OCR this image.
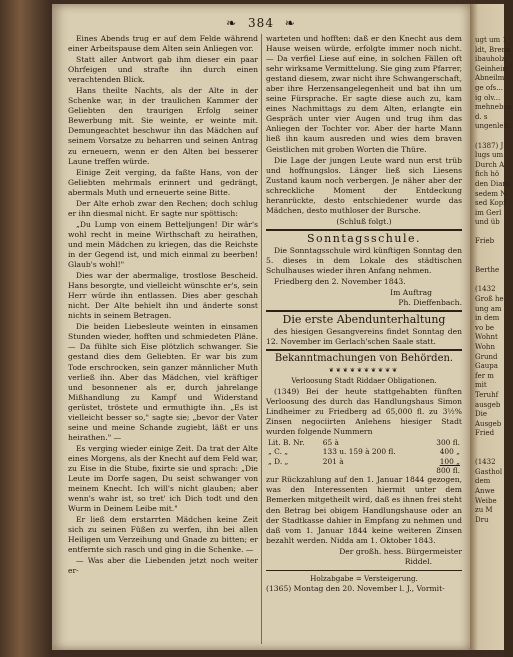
❧ 384 ❧

Eines Abends trug er auf dem Felde während einer Arbeitspause dem Alten sein Anliegen vor.

Statt aller Antwort gab ihm dieser ein paar Ohrfeigen und strafte ihn durch einen verachtenden Blick.

Hans theilte Nachts, als der Alte in der Schenke war, in der traulichen Kammer der Geliebten den traurigen Erfolg seiner Bewerbung mit. Sie weinte, er weinte mit. Demungeachtet beschwur ihn das Mädchen auf seinem Vorsatze zu beharren und seinen Antrag zu erneuern, wenn er den Alten bei besserer Laune treffen würde.

Einige Zeit verging, da faßte Hans, von der Geliebten mehrmals erinnert und gedrängt, abermals Muth und erneuerte seine Bitte.

Der Alte erhob zwar den Rechen; doch schlug er ihn diesmal nicht. Er sagte nur spöttisch:

„Du Lump von einem Betteljungen! Dir wär's wohl recht in meine Wirthschaft zu heirathen, und mein Mädchen zu kriegen, das die Reichste in der Gegend ist, und mich einmal zu beerben! Glaub's wohl!"

Dies war der abermalige, trostlose Bescheid. Hans besorgte, und vielleicht wünschte er's, sein Herr würde ihn entlassen. Dies aber geschah nicht. Der Alte behielt ihn und änderte sonst nichts in seinem Betragen.

Die beiden Liebesleute weinten in einsamen Stunden wieder, hofften und schmiedeten Pläne. — Da fühlte sich Eise plötzlich schwanger. Sie gestand dies dem Geliebten. Er war bis zum Tode erschrocken, sein ganzer männlicher Muth verließ ihn. Aber das Mädchen, viel kräftiger und besonnener als er, durch jahrelange Mißhandlung zu Kampf und Widerstand gerüstet, tröstete und ermuthigte ihn. „Es ist vielleicht besser so," sagte sie; „bevor der Vater seine und meine Schande zugiebt, läßt er uns heirathen." —

Es verging wieder einige Zeit. Da trat der Alte eines Morgens, als der Knecht auf dem Feld war, zu Eise in die Stube, fixirte sie und sprach: „Die Leute im Dorfe sagen, Du seist schwanger von meinem Knecht. Ich will's nicht glauben; aber wenn's wahr ist, so tret' ich Dich todt und den Wurm in Deinem Leibe mit."

Er ließ dem erstarrten Mädchen keine Zeit sich zu seinen Füßen zu werfen, ihn bei allen Heiligen um Verzeihung und Gnade zu bitten; er entfernte sich rasch und ging in die Schenke. —

— Was aber die Liebenden jetzt noch weiter er-

warteten und hofften: daß er den Knecht aus dem Hause weisen würde, erfolgte immer noch nicht. — Da verfiel Liese auf eine, in solchen Fällen oft sehr wirksame Vermittelung. Sie ging zum Pfarrer, gestand diesem, zwar nicht ihre Schwangerschaft, aber ihre Herzensangelegenheit und bat ihn um seine Fürsprache. Er sagte diese auch zu, kam eines Nachmittags zu dem Alten, erlangte ein Gespräch unter vier Augen und trug ihm das Anliegen der Tochter vor. Aber der harte Mann ließ ihn kaum ausreden und wies dem braven Geistlichen mit groben Worten die Thüre.

Die Lage der jungen Leute ward nun erst trüb und hoffnungslos. Länger ließ sich Liesens Zustand kaum noch verbergen. Je näher aber der schreckliche Moment der Entdeckung heranrückte, desto entschiedener wurde das Mädchen, desto muthloser der Bursche.

(Schluß folgt.)
Sonntagsschule.

Die Sonntagsschule wird künftigen Sonntag den 5. dieses in dem Lokale des städtischen Schulhauses wieder ihren Anfang nehmen.

Friedberg den 2. November 1843.

Im Auftrag
Ph. Dieffenbach.
Die erste Abendunterhaltung

des hiesigen Gesangvereins findet Sonntag den 12. November im Gerlach'schen Saale statt.

Bekanntmachungen von Behörden.
❦❦❦❦❦❦❦❦❦❦
Verloosung Stadt Riddaer Obligationen.

(1349) Bei der heute stattgehabten fünften Verloosung des durch das Handlungshaus Simon Lindheimer zu Friedberg ad 65,000 fl. zu 3½% Zinsen negociirten Anlehens hiesiger Stadt wurden folgende Nummern

Lit. B. Nr.	65 à	300 fl.
„ C. „	133 u. 159 à 200 fl.	400 „
„ D. „	201 à	100 „
		800 fl.

zur Rückzahlung auf den 1. Januar 1844 gezogen, was den Interessenten hiermit unter dem Bemerken mitgetheilt wird, daß es ihnen frei steht den Betrag bei obigem Handlungshause oder an der Stadtkasse dahier in Empfang zu nehmen und daß vom 1. Januar 1844 keine weiteren Zinsen bezahlt werden. Nidda am 1. Oktober 1843.

Der großh. hess. Bürgermeister
Riddel.
Holzabgabe = Versteigerung.

(1365) Montag den 20. November l. J., Vormit-

ugt um 1
ldt, Brenn
ibauholz.
Geinhein
Abneilm.
ge ofs...
ig olv...
mehnebsa
d. s
ungenleh..

(1387) J
lugs um
Durch A
fich hö
den Diam
sedem N
sed Kopf
im Gerl
und üb

Frieb

Berthe

(1432
Groß he
ung am
in dem
vo be
Wohnt
Wohn
Grund
Gaupa
fer m
mit
Teruhf
ausgeb
Die
Ausgeb
Fried

(1432
Gasthol
dem
Anwe
Weibe
zu M
Dru
